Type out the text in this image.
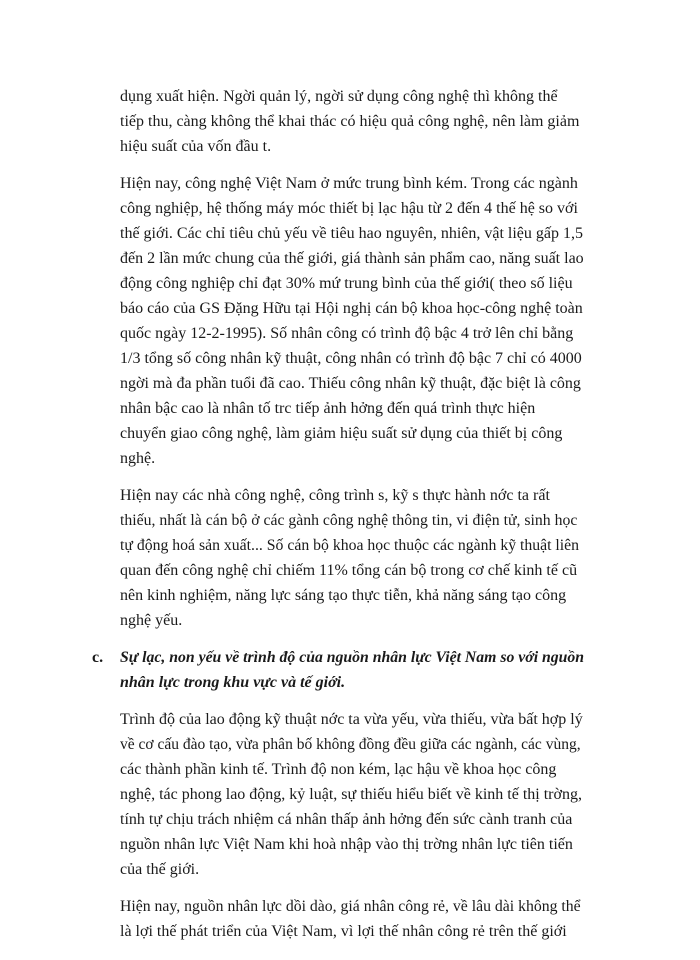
dụng xuất hiện. Ngời quản lý, ngời sử dụng công nghệ thì không thể
tiếp thu, càng không thể khai thác có hiệu quả công nghệ, nên làm giảm
hiệu suất của vốn đầu t.

Hiện nay, công nghệ Việt Nam ở mức trung bình kém. Trong các ngành
công nghiệp, hệ thống máy móc thiết bị lạc hậu từ 2 đến 4 thế hệ so với
thế giới. Các chỉ tiêu chủ yếu về tiêu hao nguyên, nhiên, vật liệu gấp 1,5
đến 2 lần mức chung của thế giới, giá thành sản phẩm cao, năng suất lao
động công nghiệp chỉ đạt 30% mứ trung bình của thế giới( theo số liệu
báo cáo của GS Đặng Hữu tại Hội nghị cán bộ khoa học-công nghệ toàn
quốc ngày 12-2-1995). Số nhân công có trình độ bậc 4 trở lên chỉ bằng
1/3 tổng số công nhân kỹ thuật, công nhân có trình độ bậc 7 chỉ có 4000
ngời mà đa phần tuổi đã cao. Thiếu công nhân kỹ thuật, đặc biệt là công
nhân bậc cao là nhân tố trc tiếp ảnh hởng đến quá trình thực hiện
chuyển giao công nghệ, làm giảm hiệu suất sử dụng của thiết bị công
nghệ.

Hiện nay các nhà công nghệ, công trình s, kỹ s thực hành nớc ta rất
thiếu, nhất là cán bộ ở các gành công nghệ thông tin, vi điện tử, sinh học
tự động hoá sản xuất... Số cán bộ khoa học thuộc các ngành kỹ thuật liên
quan đến công nghệ chỉ chiếm 11% tổng cán bộ trong cơ chế kinh tế cũ
nên kinh nghiệm, năng lực sáng tạo thực tiễn, khả năng sáng tạo công
nghệ yếu.

c. Sự lạc, non yếu về trình độ của nguồn nhân lực Việt Nam so với nguồn
nhân lực trong khu vực và tế giới.

Trình độ của lao động kỹ thuật nớc ta vừa yếu, vừa thiếu, vừa bất hợp lý
về cơ cấu đào tạo, vừa phân bố không đồng đều giữa các ngành, các vùng,
các thành phần kinh tế. Trình độ non kém, lạc hậu về khoa học công
nghệ, tác phong lao động, kỷ luật, sự thiếu hiểu biết về kinh tế thị trờng,
tính tự chịu trách nhiệm cá nhân thấp ảnh hởng đến sức cành tranh của
nguồn nhân lực Việt Nam khi hoà nhập vào thị trờng nhân lực tiên tiến
của thế giới.

Hiện nay, nguồn nhân lực dồi dào, giá nhân công rẻ, về lâu dài không thể
là lợi thế phát triển của Việt Nam, vì lợi thế nhân công rẻ trên thế giới
